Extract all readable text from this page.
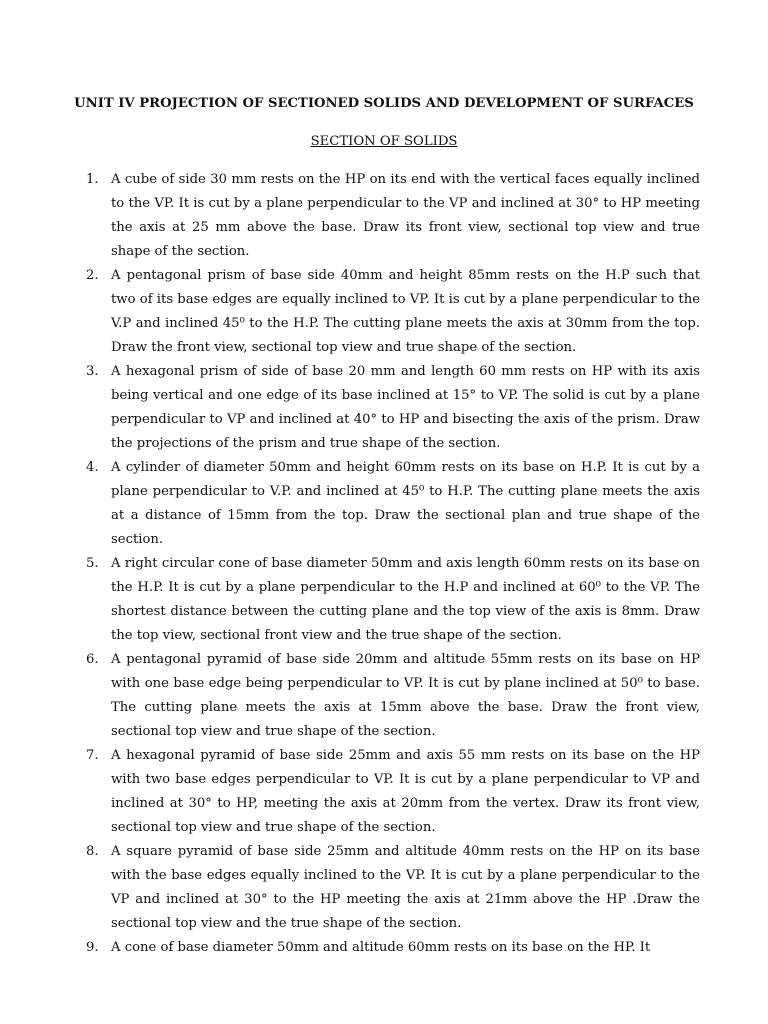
UNIT IV PROJECTION OF SECTIONED SOLIDS AND DEVELOPMENT OF SURFACES
SECTION OF SOLIDS
1. A cube of side 30 mm rests on the HP on its end with the vertical faces equally inclined to the VP. It is cut by a plane perpendicular to the VP and inclined at 30° to HP meeting the axis at 25 mm above the base. Draw its front view, sectional top view and true shape of the section.
2. A pentagonal prism of base side 40mm and height 85mm rests on the H.P such that two of its base edges are equally inclined to VP. It is cut by a plane perpendicular to the V.P and inclined 45⁰ to the H.P. The cutting plane meets the axis at 30mm from the top. Draw the front view, sectional top view and true shape of the section.
3. A hexagonal prism of side of base 20 mm and length 60 mm rests on HP with its axis being vertical and one edge of its base inclined at 15° to VP. The solid is cut by a plane perpendicular to VP and inclined at 40° to HP and bisecting the axis of the prism. Draw the projections of the prism and true shape of the section.
4. A cylinder of diameter 50mm and height 60mm rests on its base on H.P. It is cut by a plane perpendicular to V.P. and inclined at 45⁰ to H.P. The cutting plane meets the axis at a distance of 15mm from the top. Draw the sectional plan and true shape of the section.
5. A right circular cone of base diameter 50mm and axis length 60mm rests on its base on the H.P. It is cut by a plane perpendicular to the H.P and inclined at 60⁰ to the VP. The shortest distance between the cutting plane and the top view of the axis is 8mm. Draw the top view, sectional front view and the true shape of the section.
6. A pentagonal pyramid of base side 20mm and altitude 55mm rests on its base on HP with one base edge being perpendicular to VP. It is cut by plane inclined at 50⁰ to base. The cutting plane meets the axis at 15mm above the base. Draw the front view, sectional top view and true shape of the section.
7. A hexagonal pyramid of base side 25mm and axis 55 mm rests on its base on the HP with two base edges perpendicular to VP. It is cut by a plane perpendicular to VP and inclined at 30° to HP, meeting the axis at 20mm from the vertex. Draw its front view, sectional top view and true shape of the section.
8. A square pyramid of base side 25mm and altitude 40mm rests on the HP on its base with the base edges equally inclined to the VP. It is cut by a plane perpendicular to the VP and inclined at 30° to the HP meeting the axis at 21mm above the HP .Draw the sectional top view and the true shape of the section.
9. A cone of base diameter 50mm and altitude 60mm rests on its base on the HP. It
